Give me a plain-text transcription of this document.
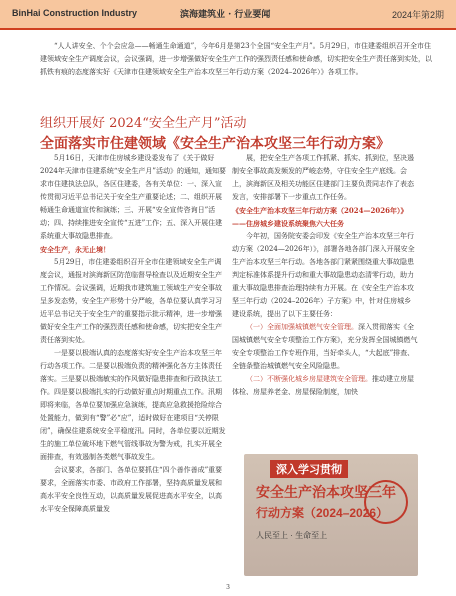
BinHai Construction Industry	滨海建筑业 · 行业要闻	2024年第2期
“人人讲安全、个个会应急——畅通生命通道”，今年6月是第23个全国“安全生产月”。5月29日，市住建委组织召开全市住建领域安全生产调度会议，会议强调，进一步增强做好安全生产工作的强烈责任感和使命感，切实把安全生产责任落到实处，以抓铁有痕的态度落实好《天津市住建领域安全生产治本攻坚三年行动方案（2024–2026年）》各项工作。
组织开展好 2024“安全生产月”活动
全面落实市住建领域《安全生产治本攻坚三年行动方案》

5月16日，天津市住房城乡建设委发布了《关于做好2024年天津市住建系统“安全生产月”活动》的通知，通知要求市住建执法总队，各区住建委，各有关单位：一、深入宣传贯彻习近平总书记关于安全生产重要论述；二、组织开展畅通生命通道宣传和演练；三、开展“安全宣传咨询日”活动；四、持续推进安全宣传“五进”工作；五、深入开展住建系统重大事故隐患排查。

安全生产，永无止境！

5月29日，市住建委组织召开全市住建领域安全生产调度会议，通报对滨海新区防范临督导检查以及近期安全生产工作情况。会议强调，近期我市建筑施工领域生产安全事故呈多发态势，安全生产形势十分严峻，各单位要认真学习习近平总书记关于安全生产的重要指示批示精神，进一步增强做好安全生产工作的强烈责任感和使命感，切实把安全生产责任落到实处。

一是要以极端认真的态度落实好安全生产治本攻坚三年行动各项工作。二是要以极端负责的精神强化各方主体责任落实。三是要以极端敏实的作风做好隐患排查和行政执法工作。四是要以极端扎实的行动做好重点时期重点工作。汛期即将来临，各单位要加强应急演练，提高应急救援抢险综合处置能力，做到有“警”必“应”，适时做好在建项目“关停限闭”，确保住建系统安全平稳度汛。同时，各单位要以近期发生的施工单位破坏地下燃气管线事故为警为戒，扎实开展全面排查，有效遏制各类燃气事故发生。

会议要求，各部门、各单位要抓住“四个善作善成”重要要求，全面落实市委、市政府工作部署，坚持高质量发展和高水平安全良性互动，以高质量发展促进高水平安全，以高水平安全保障高质量发

展，把安全生产各项工作抓紧、抓实、抓到位，坚决遏制安全事故高发频发的严峻态势，守住安全生产底线。会上，滨海新区及相关功能区住建部门主要负责同志作了表态发言，安排部署下一步重点工作任务。

《安全生产治本攻坚三年行动方案（2024—2026年）》

——住房城乡建设系统聚焦六大任务

今年初，国务院安委会印发《安全生产治本攻坚三年行动方案（2024—2026年）》，部署各地各部门深入开展安全生产治本攻坚三年行动。各地各部门紧紧围绕重大事故隐患判定标准体系提升行动和重大事故隐患动态清零行动，助力重大事故隐患排查治理持续有力开展。在《安全生产治本攻坚三年行动（2024–2026年）子方案》中，针对住房城乡建设系统，提出了以下主要任务：

（一）全面加强城镇燃气安全管理。深入贯彻落实《全国城镇燃气安全专项整治工作方案》，充分发挥全国城镇燃气安全专项整治工作专班作用，当好牵头人，“大起底”排查、全链条整治城镇燃气安全风险隐患。

（二）不断强化城乡房屋建筑安全管理。推动建立房屋体检、房屋养老金、房屋保险制度，加快

深入学习贯彻
安全生产治本攻坚三年
行动方案（2024–2026）
人民至上 · 生命至上
3
